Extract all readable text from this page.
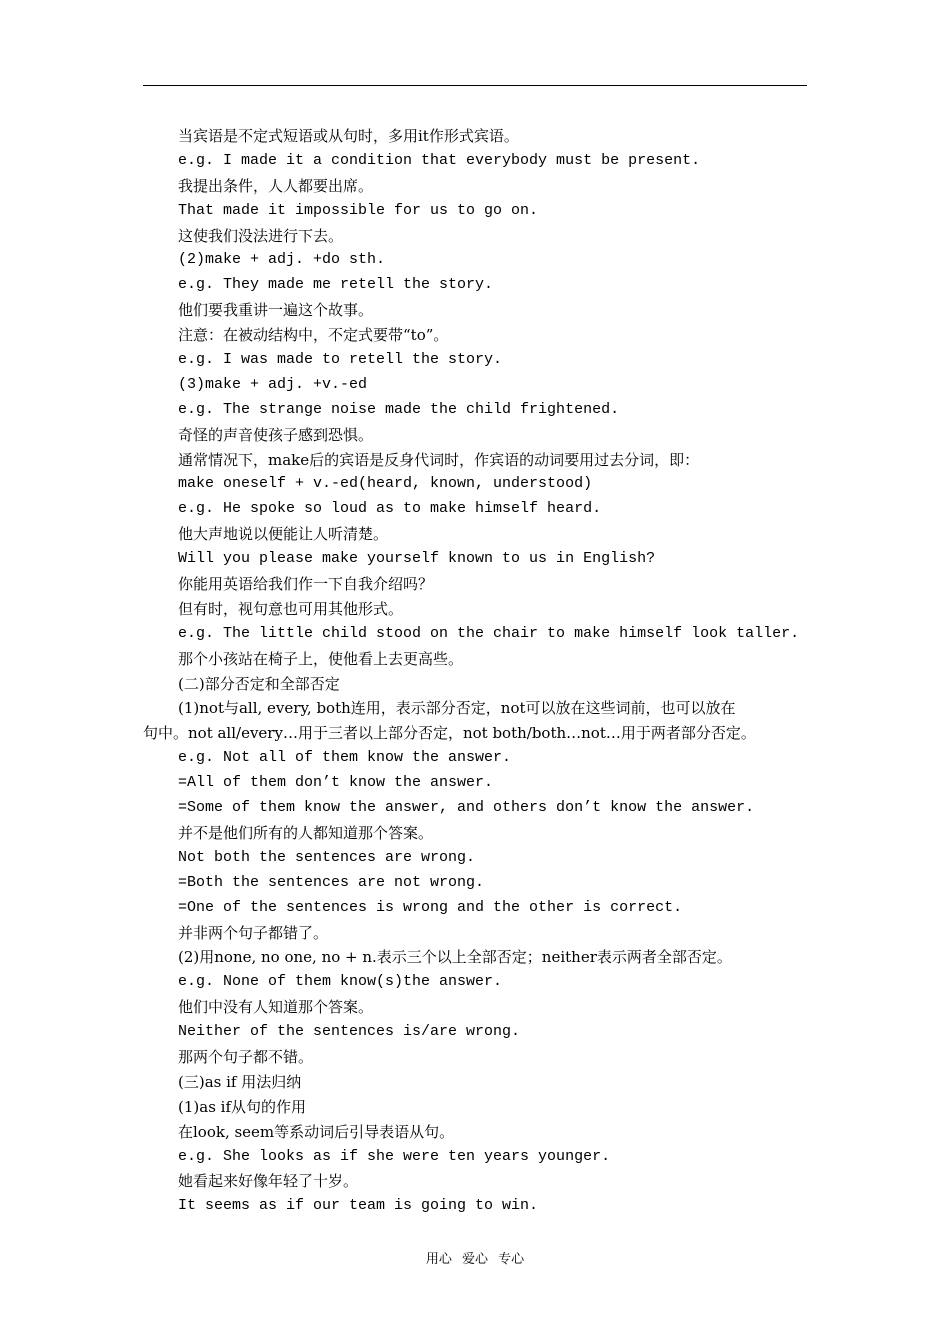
当宾语是不定式短语或从句时，多用it作形式宾语。
e.g. I made it a condition that everybody must be present.
我提出条件，人人都要出席。
That made it impossible for us to go on.
这使我们没法进行下去。
(2)make + adj. +do sth.
e.g. They made me retell the story.
他们要我重讲一遍这个故事。
注意：在被动结构中，不定式要带“to”。
e.g. I was made to retell the story.
(3)make + adj. +v.-ed
e.g. The strange noise made the child frightened.
奇怪的声音使孩子感到恐惧。
通常情况下，make后的宾语是反身代词时，作宾语的动词要用过去分词，即：
make oneself + v.-ed(heard, known, understood)
e.g. He spoke so loud as to make himself heard.
他大声地说以便能让人听清楚。
Will you please make yourself known to us in English?
你能用英语给我们作一下自我介绍吗？
但有时，视句意也可用其他形式。
e.g. The little child stood on the chair to make himself look taller.
那个小孩站在椅子上，使他看上去更高些。
(二)部分否定和全部否定
(1)not与all, every, both连用，表示部分否定，not可以放在这些词前，也可以放在
句中。not all/every…用于三者以上部分否定，not both/both…not…用于两者部分否定。
e.g. Not all of them know the answer.
=All of them don’t know the answer.
=Some of them know the answer, and others don’t know the answer.
并不是他们所有的人都知道那个答案。
Not both the sentences are wrong.
=Both the sentences are not wrong.
=One of the sentences is wrong and the other is correct.
并非两个句子都错了。
(2)用none, no one, no + n.表示三个以上全部否定；neither表示两者全部否定。
e.g. None of them know(s)the answer.
他们中没有人知道那个答案。
Neither of the sentences is/are wrong.
那两个句子都不错。
(三)as if 用法归纳
(1)as if从句的作用
在look, seem等系动词后引导表语从句。
e.g. She looks as if she were ten years younger.
她看起来好像年轻了十岁。
It seems as if our team is going to win.
用心 爱心 专心
